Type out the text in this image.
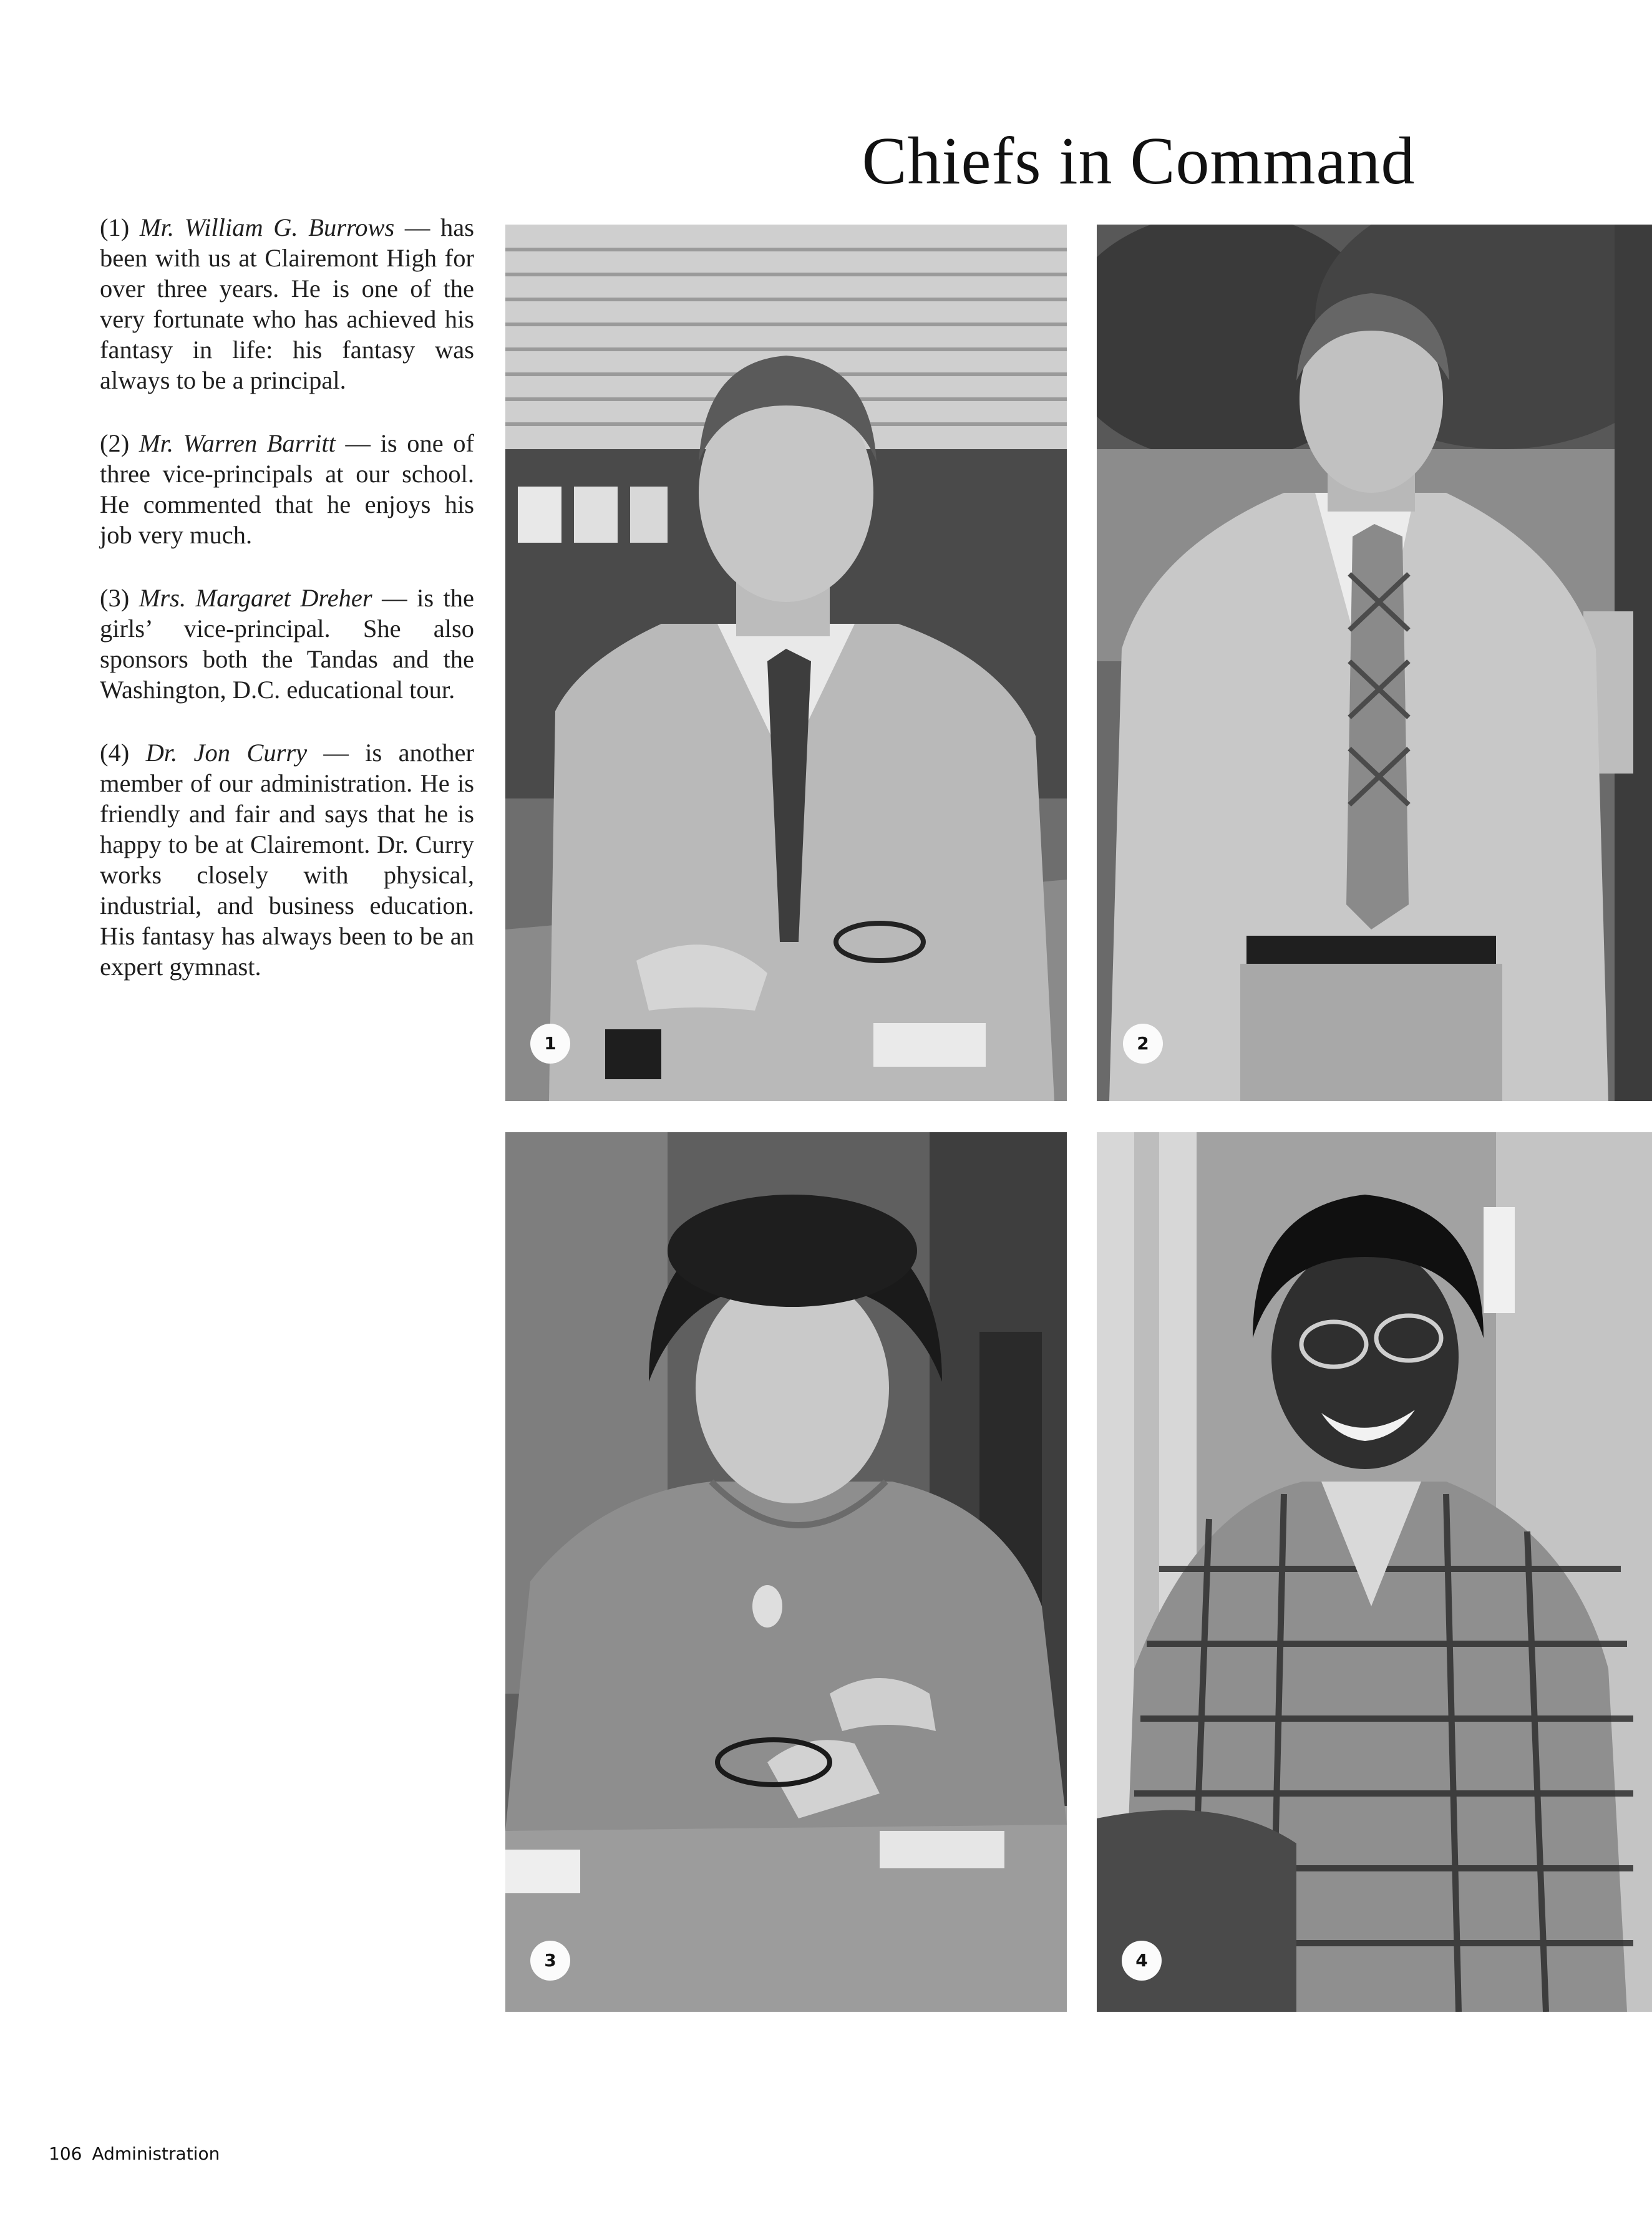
Chiefs in Command

(1) Mr. William G. Burrows — has been with us at Clairemont High for over three years. He is one of the very fortunate who has achieved his fantasy in life: his fantasy was always to be a principal.

(2) Mr. Warren Barritt — is one of three vice-principals at our school. He commented that he enjoys his job very much.

(3) Mrs. Margaret Dreher — is the girls’ vice-principal. She also sponsors both the Tandas and the Washington, D.C. educational tour.

(4) Dr. Jon Curry — is another member of our administration. He is friendly and fair and says that he is happy to be at Clairemont. Dr. Curry works closely with physical, industrial, and business education. His fantasy has always been to be an expert gymnast.

1	2
3	4
106 Administration
